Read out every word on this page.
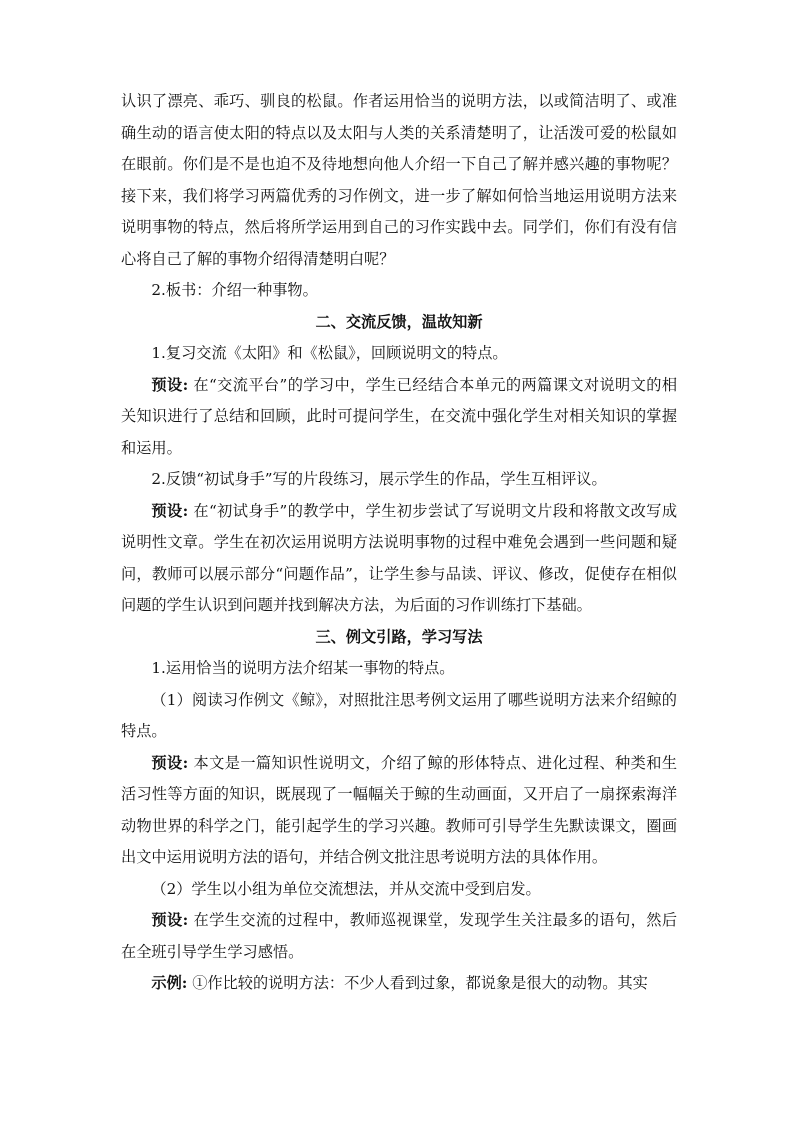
认识了漂亮、乖巧、驯良的松鼠。作者运用恰当的说明方法，以或简洁明了、或准确生动的语言使太阳的特点以及太阳与人类的关系清楚明了，让活泼可爱的松鼠如在眼前。你们是不是也迫不及待地想向他人介绍一下自己了解并感兴趣的事物呢？接下来，我们将学习两篇优秀的习作例文，进一步了解如何恰当地运用说明方法来说明事物的特点，然后将所学运用到自己的习作实践中去。同学们，你们有没有信心将自己了解的事物介绍得清楚明白呢？

2.板书：介绍一种事物。

二、交流反馈，温故知新

1.复习交流《太阳》和《松鼠》，回顾说明文的特点。

预设: 在“交流平台”的学习中，学生已经结合本单元的两篇课文对说明文的相关知识进行了总结和回顾，此时可提问学生，在交流中强化学生对相关知识的掌握和运用。

2.反馈“初试身手”写的片段练习，展示学生的作品，学生互相评议。

预设: 在“初试身手”的教学中，学生初步尝试了写说明文片段和将散文改写成说明性文章。学生在初次运用说明方法说明事物的过程中难免会遇到一些问题和疑问，教师可以展示部分“问题作品”，让学生参与品读、评议、修改，促使存在相似问题的学生认识到问题并找到解决方法，为后面的习作训练打下基础。

三、例文引路，学习写法

1.运用恰当的说明方法介绍某一事物的特点。

（1）阅读习作例文《鲸》，对照批注思考例文运用了哪些说明方法来介绍鲸的特点。

预设: 本文是一篇知识性说明文，介绍了鲸的形体特点、进化过程、种类和生活习性等方面的知识，既展现了一幅幅关于鲸的生动画面，又开启了一扇探索海洋动物世界的科学之门，能引起学生的学习兴趣。教师可引导学生先默读课文，圈画出文中运用说明方法的语句，并结合例文批注思考说明方法的具体作用。

（2）学生以小组为单位交流想法，并从交流中受到启发。

预设: 在学生交流的过程中，教师巡视课堂，发现学生关注最多的语句，然后在全班引导学生学习感悟。

示例: ①作比较的说明方法：不少人看到过象，都说象是很大的动物。其实
